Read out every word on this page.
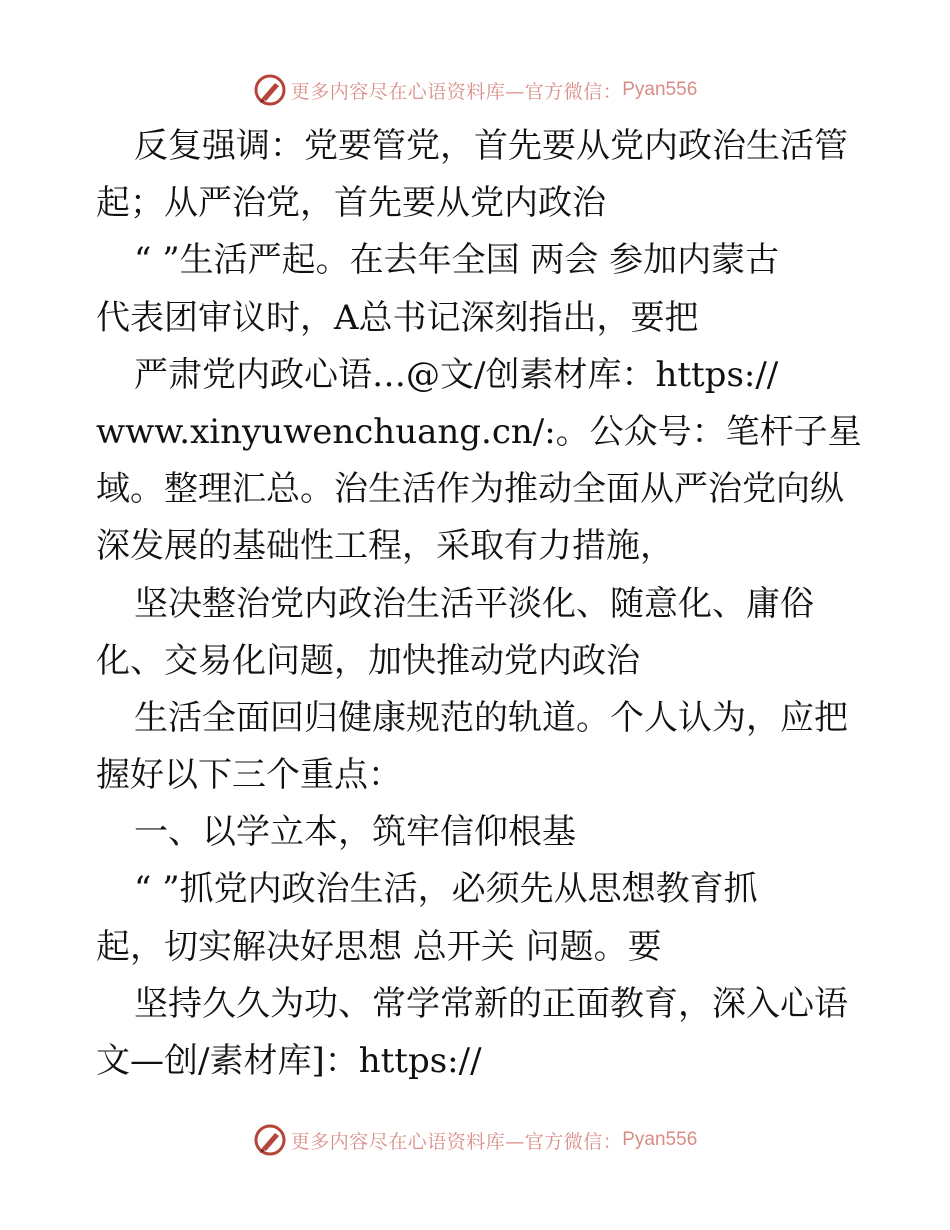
更多内容尽在心语资料库—官方微信： Pyan556
反复强调：党要管党，首先要从党内政治生活管
起；从严治党，首先要从党内政治
“ ”生活严起。在去年全国 两会 参加内蒙古
代表团审议时，A总书记深刻指出，要把
严肃党内政心语…@文/创素材库：https://
www.xinyuwenchuang.cn/:。公众号：笔杆子星
域。整理汇总。治生活作为推动全面从严治党向纵
深发展的基础性工程，采取有力措施，
坚决整治党内政治生活平淡化、随意化、庸俗
化、交易化问题，加快推动党内政治
生活全面回归健康规范的轨道。个人认为，应把
握好以下三个重点：
一、以学立本，筑牢信仰根基
“ ”抓党内政治生活，必须先从思想教育抓
起，切实解决好思想 总开关 问题。要
坚持久久为功、常学常新的正面教育，深入心语
文—创/素材库]：https://
更多内容尽在心语资料库—官方微信： Pyan556
